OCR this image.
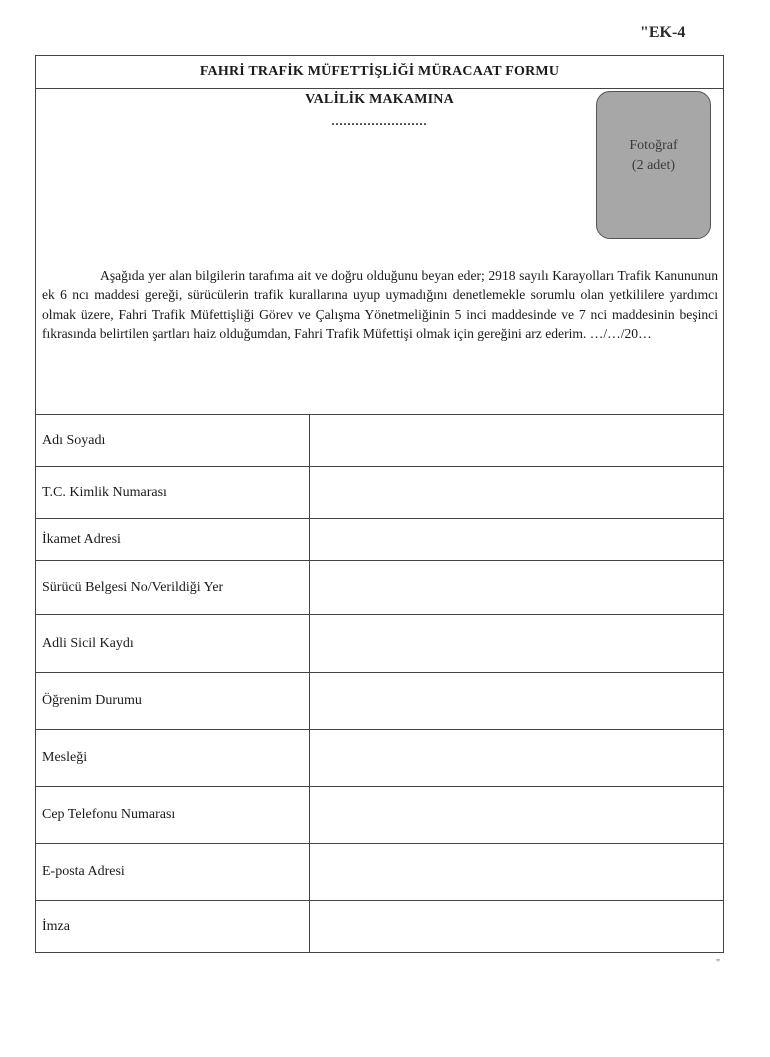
"EK-4
FAHRİ TRAFİK MÜFETTİŞLİĞİ MÜRACAAT FORMU
VALİLİK MAKAMINA
........................
Fotoğraf
(2 adet)

Aşağıda yer alan bilgilerin tarafıma ait ve doğru olduğunu beyan eder; 2918 sayılı Karayolları Trafik Kanununun ek 6 ncı maddesi gereği, sürücülerin trafik kurallarına uyup uymadığını denetlemekle sorumlu olan yetkililere yardımcı olmak üzere, Fahri Trafik Müfettişliği Görev ve Çalışma Yönetmeliğinin 5 inci maddesinde ve 7 nci maddesinin beşinci fıkrasında belirtilen şartları haiz olduğumdan, Fahri Trafik Müfettişi olmak için gereğini arz ederim. …/…/20…

Adı Soyadı
T.C. Kimlik Numarası
İkamet Adresi
Sürücü Belgesi No/Verildiği Yer
Adli Sicil Kaydı
Öğrenim Durumu
Mesleği
Cep Telefonu Numarası
E-posta Adresi
İmza
"
